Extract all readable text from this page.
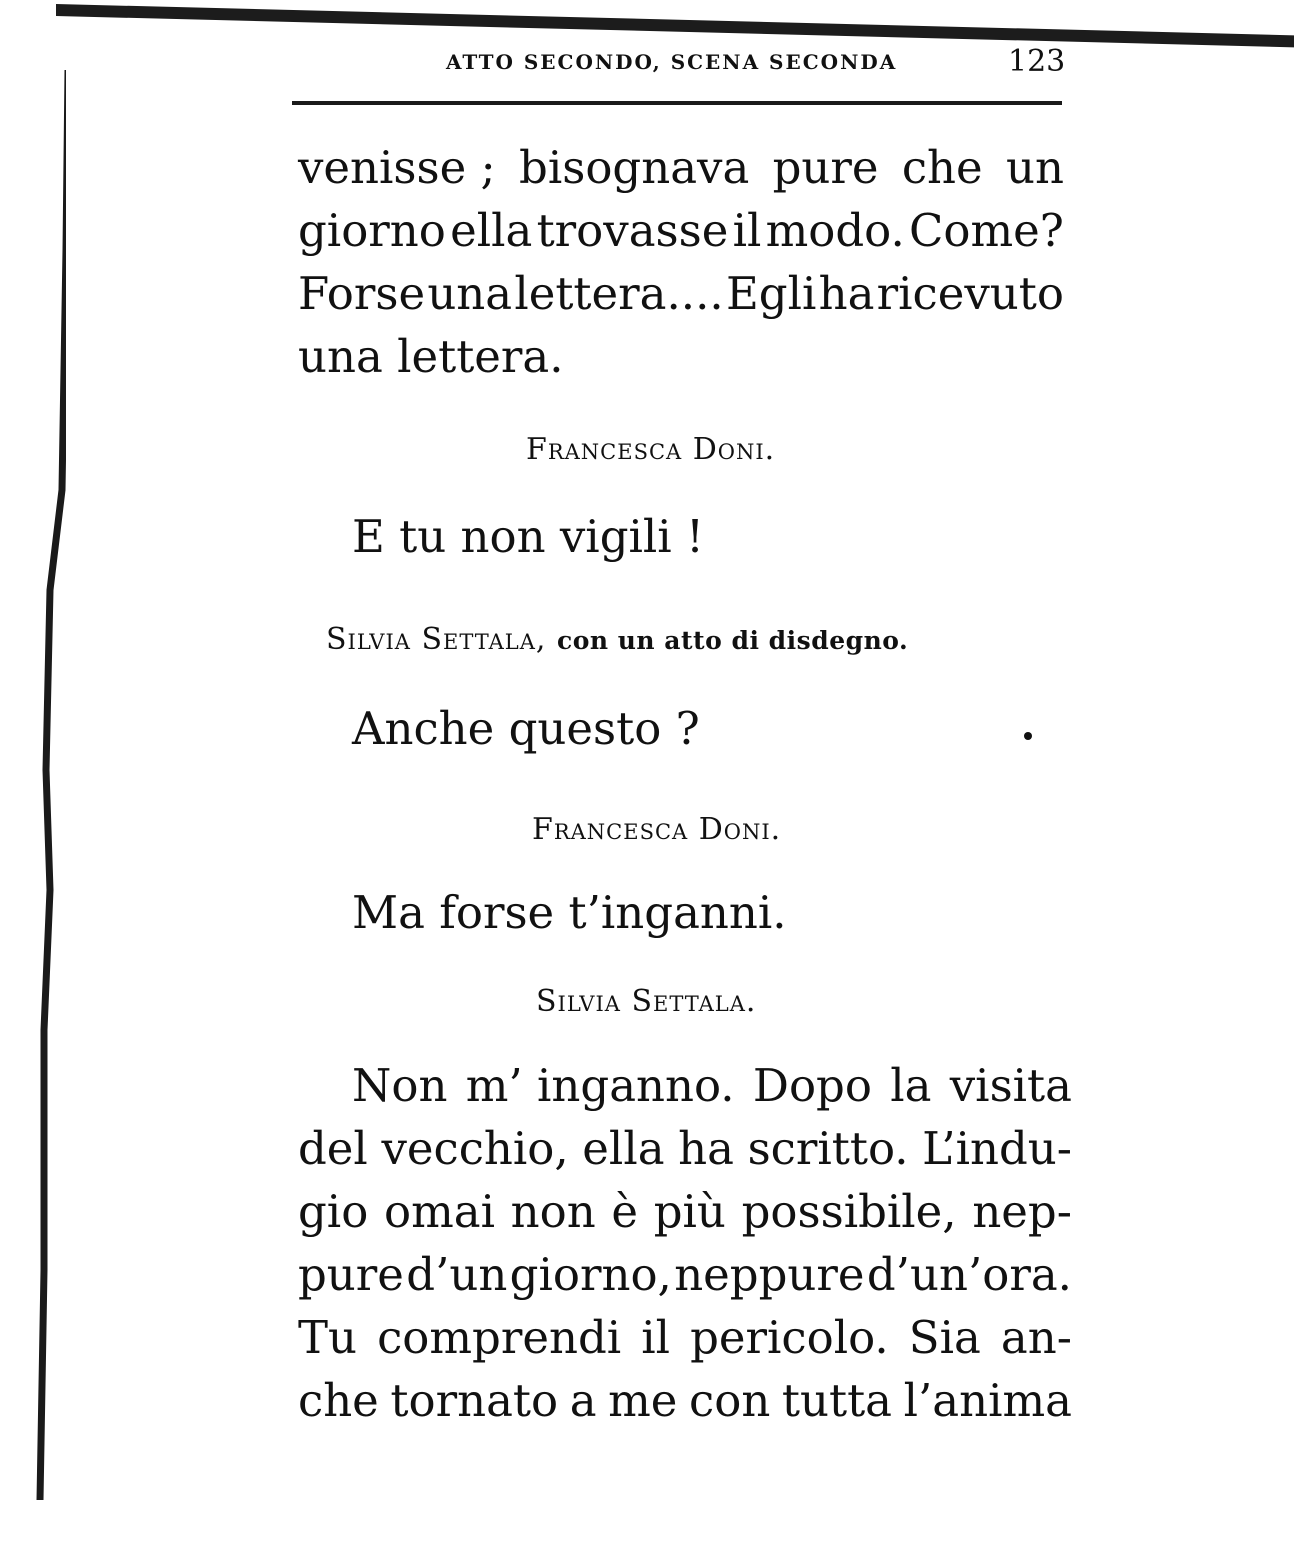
ATTO SECONDO, SCENA SECONDA	123
venisse ; bisognava pure che un
giorno ella trovasse il modo. Come?
Forse una lettera.... Egli ha ricevuto
una lettera.
Francesca Doni.
E tu non vigili !
Silvia Settala, con un atto di disdegno.
Anche questo ?
Francesca Doni.
Ma forse t’inganni.
Silvia Settala.
Non m’ inganno. Dopo la visita
del vecchio, ella ha scritto. L’indu-
gio omai non è più possibile, nep-
pure d’un giorno, neppure d’un’ora.
Tu comprendi il pericolo. Sia an-
che tornato a me con tutta l’anima
